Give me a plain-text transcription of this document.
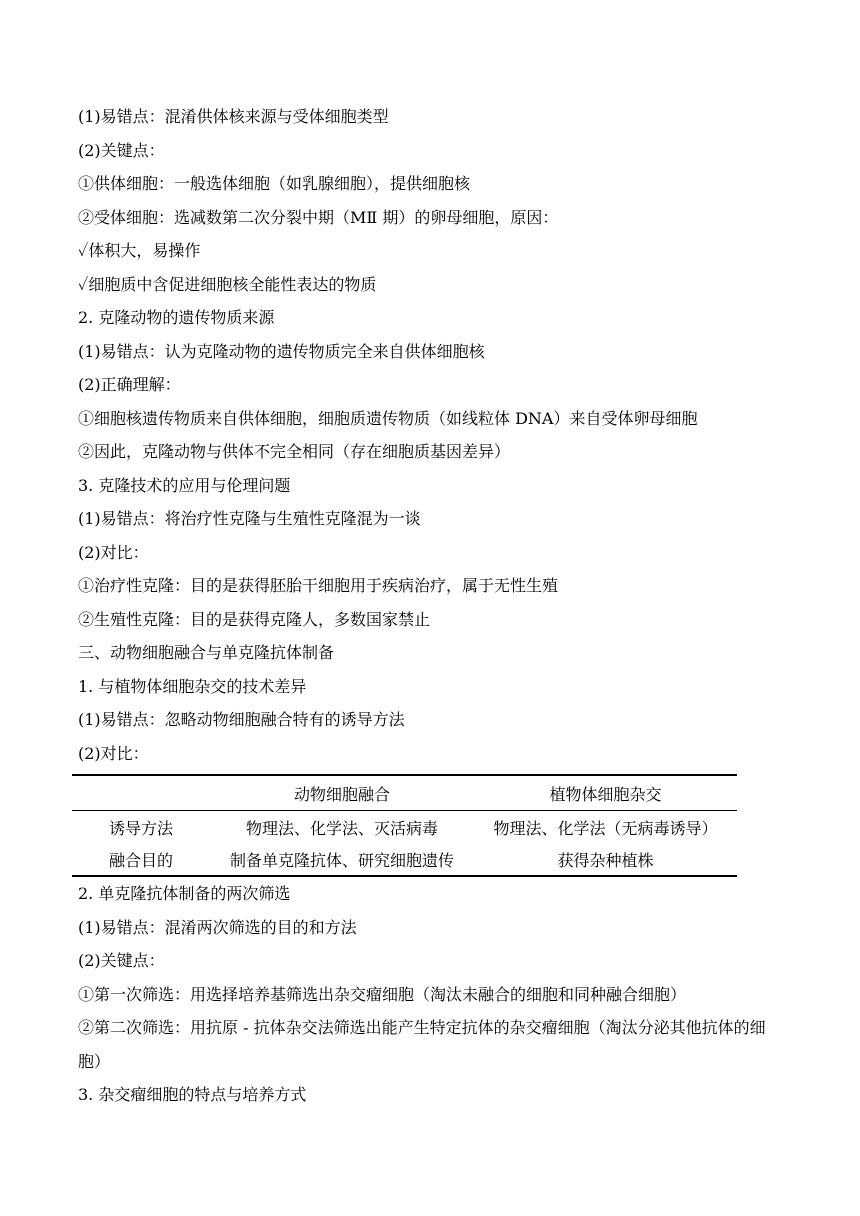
(1)易错点：混淆供体核来源与受体细胞类型
(2)关键点：
①供体细胞：一般选体细胞（如乳腺细胞），提供细胞核
②受体细胞：选减数第二次分裂中期（MⅡ 期）的卵母细胞，原因：
✓体积大，易操作
✓细胞质中含促进细胞核全能性表达的物质
2. 克隆动物的遗传物质来源
(1)易错点：认为克隆动物的遗传物质完全来自供体细胞核
(2)正确理解：
①细胞核遗传物质来自供体细胞，细胞质遗传物质（如线粒体 DNA）来自受体卵母细胞
②因此，克隆动物与供体不完全相同（存在细胞质基因差异）
3. 克隆技术的应用与伦理问题
(1)易错点：将治疗性克隆与生殖性克隆混为一谈
(2)对比：
①治疗性克隆：目的是获得胚胎干细胞用于疾病治疗，属于无性生殖
②生殖性克隆：目的是获得克隆人，多数国家禁止
三、动物细胞融合与单克隆抗体制备
1. 与植物体细胞杂交的技术差异
(1)易错点：忽略动物细胞融合特有的诱导方法
(2)对比：
	动物细胞融合	植物体细胞杂交
诱导方法	物理法、化学法、灭活病毒	物理法、化学法（无病毒诱导）
融合目的	制备单克隆抗体、研究细胞遗传	获得杂种植株
2. 单克隆抗体制备的两次筛选
(1)易错点：混淆两次筛选的目的和方法
(2)关键点：
①第一次筛选：用选择培养基筛选出杂交瘤细胞（淘汰未融合的细胞和同种融合细胞）
②第二次筛选：用抗原 - 抗体杂交法筛选出能产生特定抗体的杂交瘤细胞（淘汰分泌其他抗体的细胞）
3. 杂交瘤细胞的特点与培养方式
